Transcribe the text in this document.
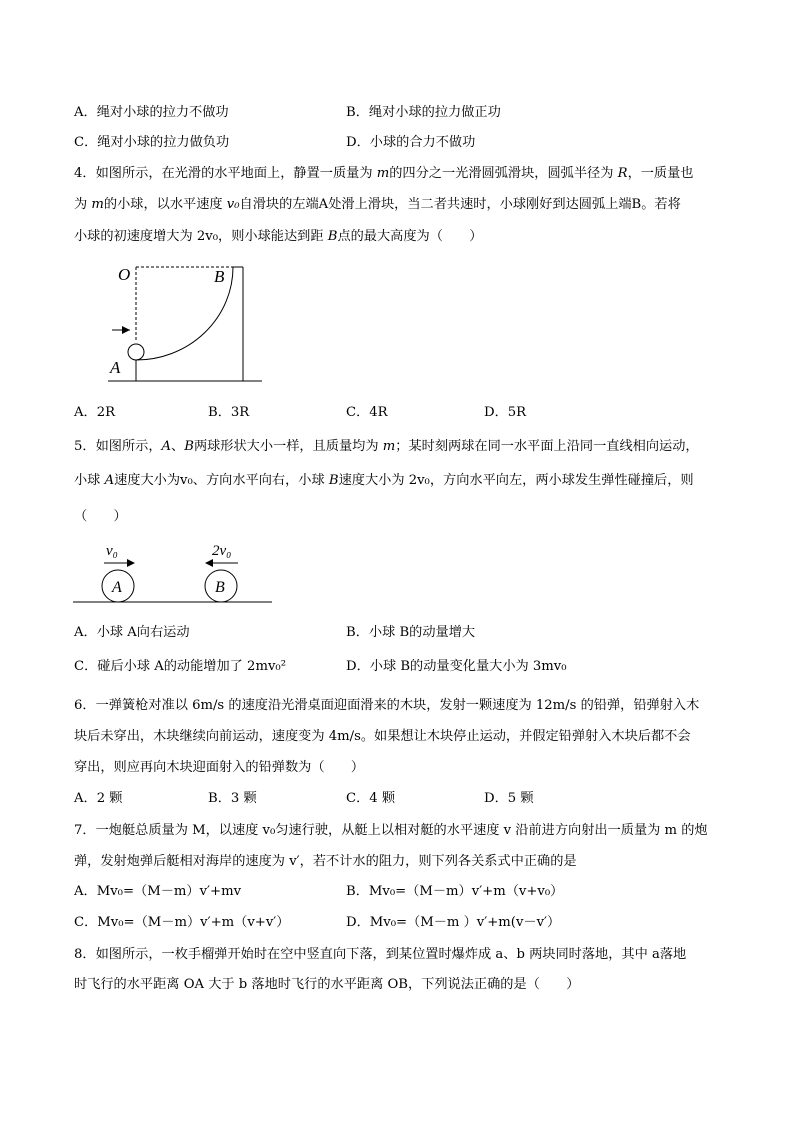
A．绳对小球的拉力不做功	B．绳对小球的拉力做正功
C．绳对小球的拉力做负功	D．小球的合力不做功
4．如图所示，在光滑的水平地面上，静置一质量为 m的四分之一光滑圆弧滑块，圆弧半径为 R，一质量也
为 m的小球，以水平速度 v₀自滑块的左端A处滑上滑块，当二者共速时，小球刚好到达圆弧上端B。若将
小球的初速度增大为 2v₀，则小球能达到距 B点的最大高度为（　　）
O	B
A
A．2R	B．3R	C．4R	D．5R
5．如图所示，A、B两球形状大小一样，且质量均为 m；某时刻两球在同一水平面上沿同一直线相向运动，
小球 A速度大小为v₀、方向水平向右，小球 B速度大小为 2v₀，方向水平向左，两小球发生弹性碰撞后，则
（　　）
v₀	2v₀
A	B
A．小球 A向右运动	B．小球 B的动量增大
C．碰后小球 A的动能增加了 2mv₀²	D．小球 B的动量变化量大小为 3mv₀
6．一弹簧枪对准以 6m/s 的速度沿光滑桌面迎面滑来的木块，发射一颗速度为 12m/s 的铅弹，铅弹射入木
块后未穿出，木块继续向前运动，速度变为 4m/s。如果想让木块停止运动，并假定铅弹射入木块后都不会
穿出，则应再向木块迎面射入的铅弹数为（　　）
A．2 颗	B．3 颗	C．4 颗	D．5 颗
7．一炮艇总质量为 M，以速度 v₀匀速行驶，从艇上以相对艇的水平速度 v 沿前进方向射出一质量为 m 的炮
弹，发射炮弹后艇相对海岸的速度为 v′，若不计水的阻力，则下列各关系式中正确的是
A．Mv₀=（M－m）v′+mv	B．Mv₀=（M－m）v′+m（v+v₀）
C．Mv₀=（M－m）v′+m（v+v′）	D．Mv₀=（M－m ）v′+m(v－v′）
8．如图所示，一枚手榴弹开始时在空中竖直向下落，到某位置时爆炸成 a、b 两块同时落地，其中 a落地
时飞行的水平距离 OA 大于 b 落地时飞行的水平距离 OB，下列说法正确的是（　　）
